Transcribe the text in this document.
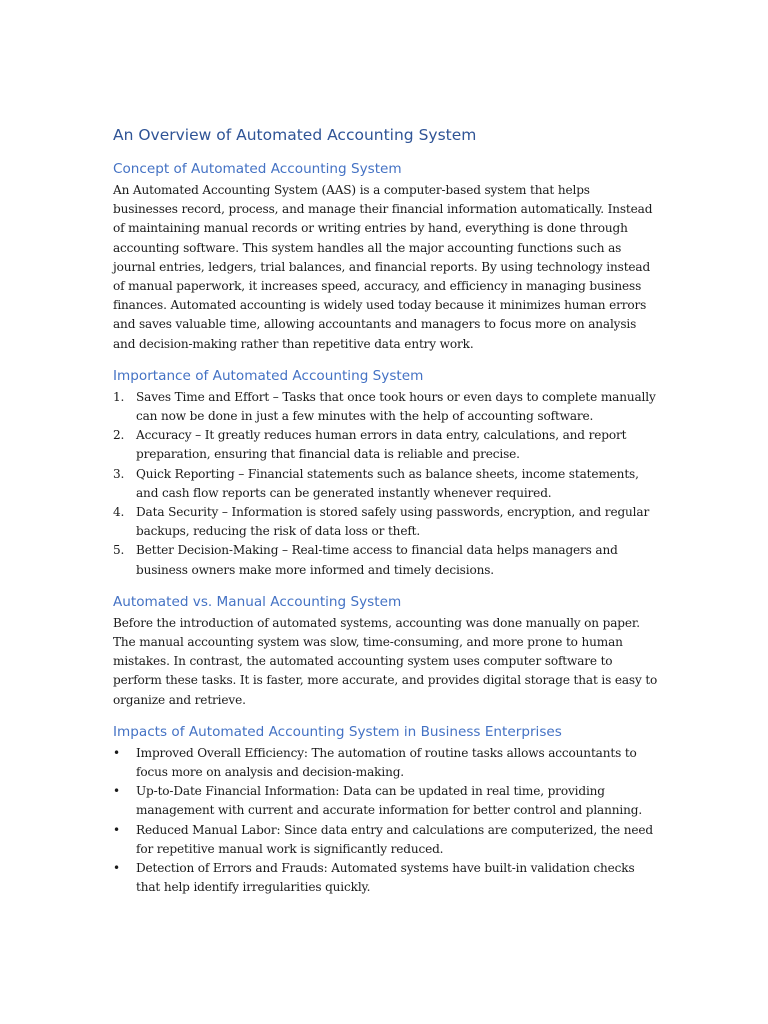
An Overview of Automated Accounting System
Concept of Automated Accounting System

An Automated Accounting System (AAS) is a computer-based system that helps businesses record, process, and manage their financial information automatically. Instead of maintaining manual records or writing entries by hand, everything is done through accounting software. This system handles all the major accounting functions such as journal entries, ledgers, trial balances, and financial reports. By using technology instead of manual paperwork, it increases speed, accuracy, and efficiency in managing business finances. Automated accounting is widely used today because it minimizes human errors and saves valuable time, allowing accountants and managers to focus more on analysis and decision-making rather than repetitive data entry work.

Importance of Automated Accounting System
1. Saves Time and Effort – Tasks that once took hours or even days to complete manually can now be done in just a few minutes with the help of accounting software.
2. Accuracy – It greatly reduces human errors in data entry, calculations, and report preparation, ensuring that financial data is reliable and precise.
3. Quick Reporting – Financial statements such as balance sheets, income statements, and cash flow reports can be generated instantly whenever required.
4. Data Security – Information is stored safely using passwords, encryption, and regular backups, reducing the risk of data loss or theft.
5. Better Decision-Making – Real-time access to financial data helps managers and business owners make more informed and timely decisions.
Automated vs. Manual Accounting System

Before the introduction of automated systems, accounting was done manually on paper. The manual accounting system was slow, time-consuming, and more prone to human mistakes. In contrast, the automated accounting system uses computer software to perform these tasks. It is faster, more accurate, and provides digital storage that is easy to organize and retrieve.

Impacts of Automated Accounting System in Business Enterprises
• Improved Overall Efficiency: The automation of routine tasks allows accountants to focus more on analysis and decision-making.
• Up-to-Date Financial Information: Data can be updated in real time, providing management with current and accurate information for better control and planning.
• Reduced Manual Labor: Since data entry and calculations are computerized, the need for repetitive manual work is significantly reduced.
• Detection of Errors and Frauds: Automated systems have built-in validation checks that help identify irregularities quickly.
